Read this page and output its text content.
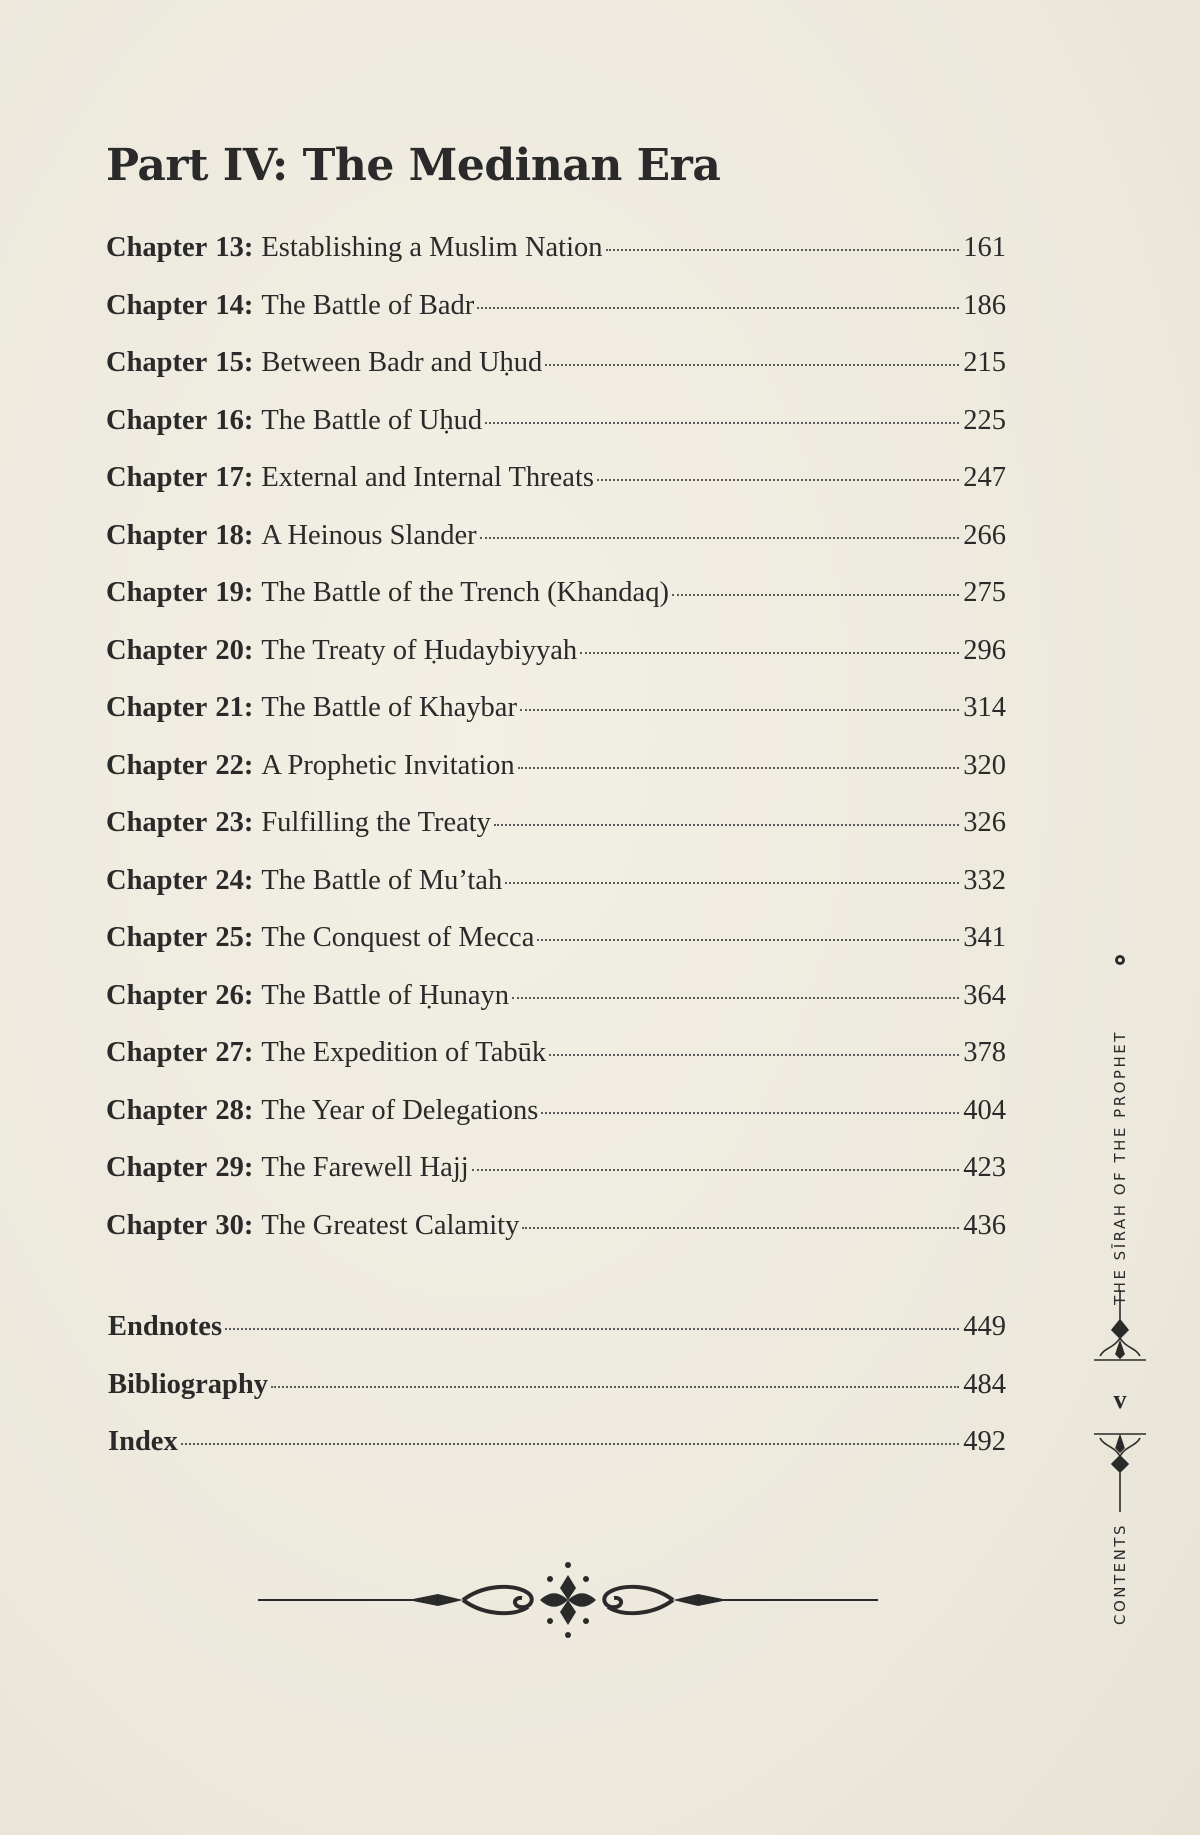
Part IV: The Medinan Era
Chapter 13: Establishing a Muslim Nation	161
Chapter 14: The Battle of Badr	186
Chapter 15: Between Badr and Uḥud	215
Chapter 16: The Battle of Uḥud	225
Chapter 17: External and Internal Threats	247
Chapter 18: A Heinous Slander	266
Chapter 19: The Battle of the Trench (Khandaq)	275
Chapter 20: The Treaty of Ḥudaybiyyah	296
Chapter 21: The Battle of Khaybar	314
Chapter 22: A Prophetic Invitation	320
Chapter 23: Fulfilling the Treaty	326
Chapter 24: The Battle of Mu’tah	332
Chapter 25: The Conquest of Mecca	341
Chapter 26: The Battle of Ḥunayn	364
Chapter 27: The Expedition of Tabūk	378
Chapter 28: The Year of Delegations	404
Chapter 29: The Farewell Hajj	423
Chapter 30: The Greatest Calamity	436
Endnotes	449
Bibliography	484
Index	492
THE SĪRAH OF THE PROPHET
CONTENTS
v
